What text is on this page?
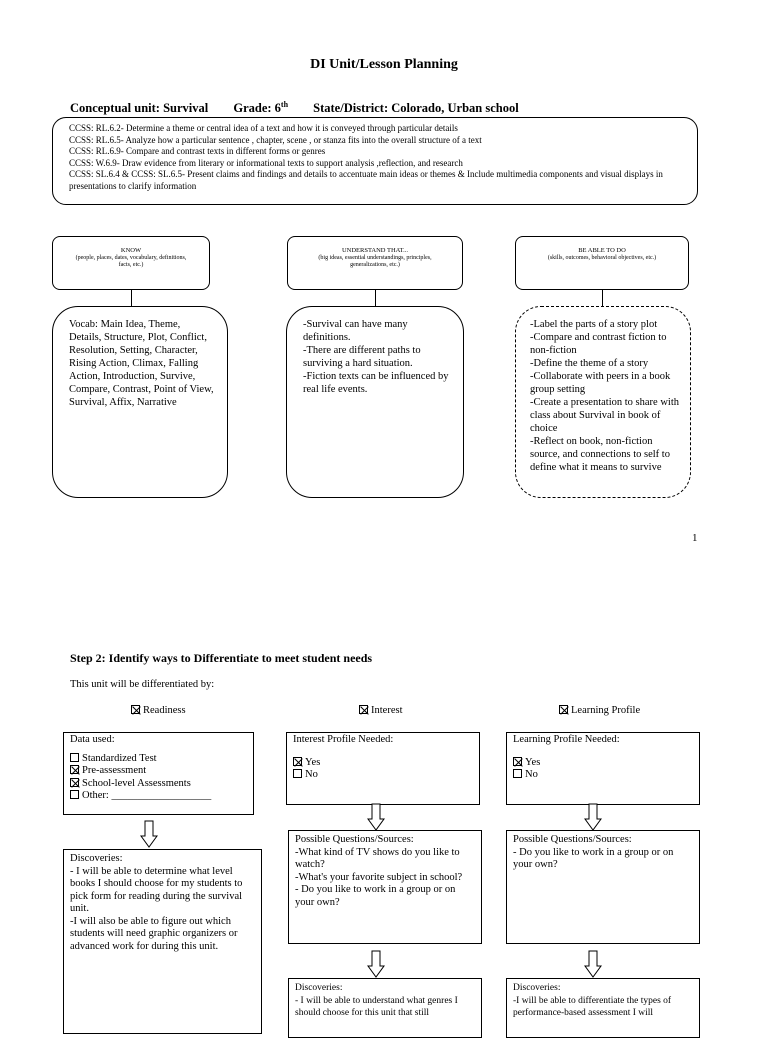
DI Unit/Lesson Planning
Conceptual unit: Survival Grade: 6th State/District: Colorado, Urban school
CCSS: RL.6.2- Determine a theme or central idea of a text and how it is conveyed through particular details
CCSS: RL.6.5- Analyze how a particular sentence , chapter, scene , or stanza fits into the overall structure of a text
CCSS: RL.6.9- Compare and contrast texts in different forms or genres
CCSS: W.6.9- Draw evidence from literary or informational texts to support analysis ,reflection, and research
CCSS: SL.6.4 & CCSS: SL.6.5- Present claims and findings and details to accentuate main ideas or themes & Include multimedia components and visual displays in presentations to clarify information
KNOW
(people, places, dates, vocabulary, definitions, facts, etc.)
Vocab: Main Idea, Theme, Details, Structure, Plot, Conflict, Resolution, Setting, Character, Rising Action, Climax, Falling Action, Introduction, Survive, Compare, Contrast, Point of View, Survival, Affix, Narrative
UNDERSTAND THAT...
(big ideas, essential understandings, principles, generalizations, etc.)
-Survival can have many definitions.
-There are different paths to surviving a hard situation.
-Fiction texts can be influenced by real life events.
BE ABLE TO DO
(skills, outcomes, behavioral objectives, etc.)
-Label the parts of a story plot
-Compare and contrast fiction to non-fiction
-Define the theme of a story
-Collaborate with peers in a book group setting
-Create a presentation to share with class about Survival in book of choice
-Reflect on book, non-fiction source, and connections to self to define what it means to survive
1
Step 2: Identify ways to Differentiate to meet student needs
This unit will be differentiated by:
Readiness	Interest	Learning Profile
Data used:
Standardized Test
Pre-assessment
School-level Assessments
Other: ___________________
Interest Profile Needed:
Yes
No
Learning Profile Needed:
Yes
No
Discoveries:
- I will be able to determine what level books I should choose for my students to pick form for reading during the survival unit.
-I will also be able to figure out which students will need graphic organizers or advanced work for during this unit.
Possible Questions/Sources:
-What kind of TV shows do you like to watch?
-What's your favorite subject in school?
- Do you like to work in a group or on your own?
Possible Questions/Sources:
- Do you like to work in a group or on your own?
Discoveries:
- I will be able to understand what genres I should choose for this unit that still
Discoveries:
-I will be able to differentiate the types of performance-based assessment I will
